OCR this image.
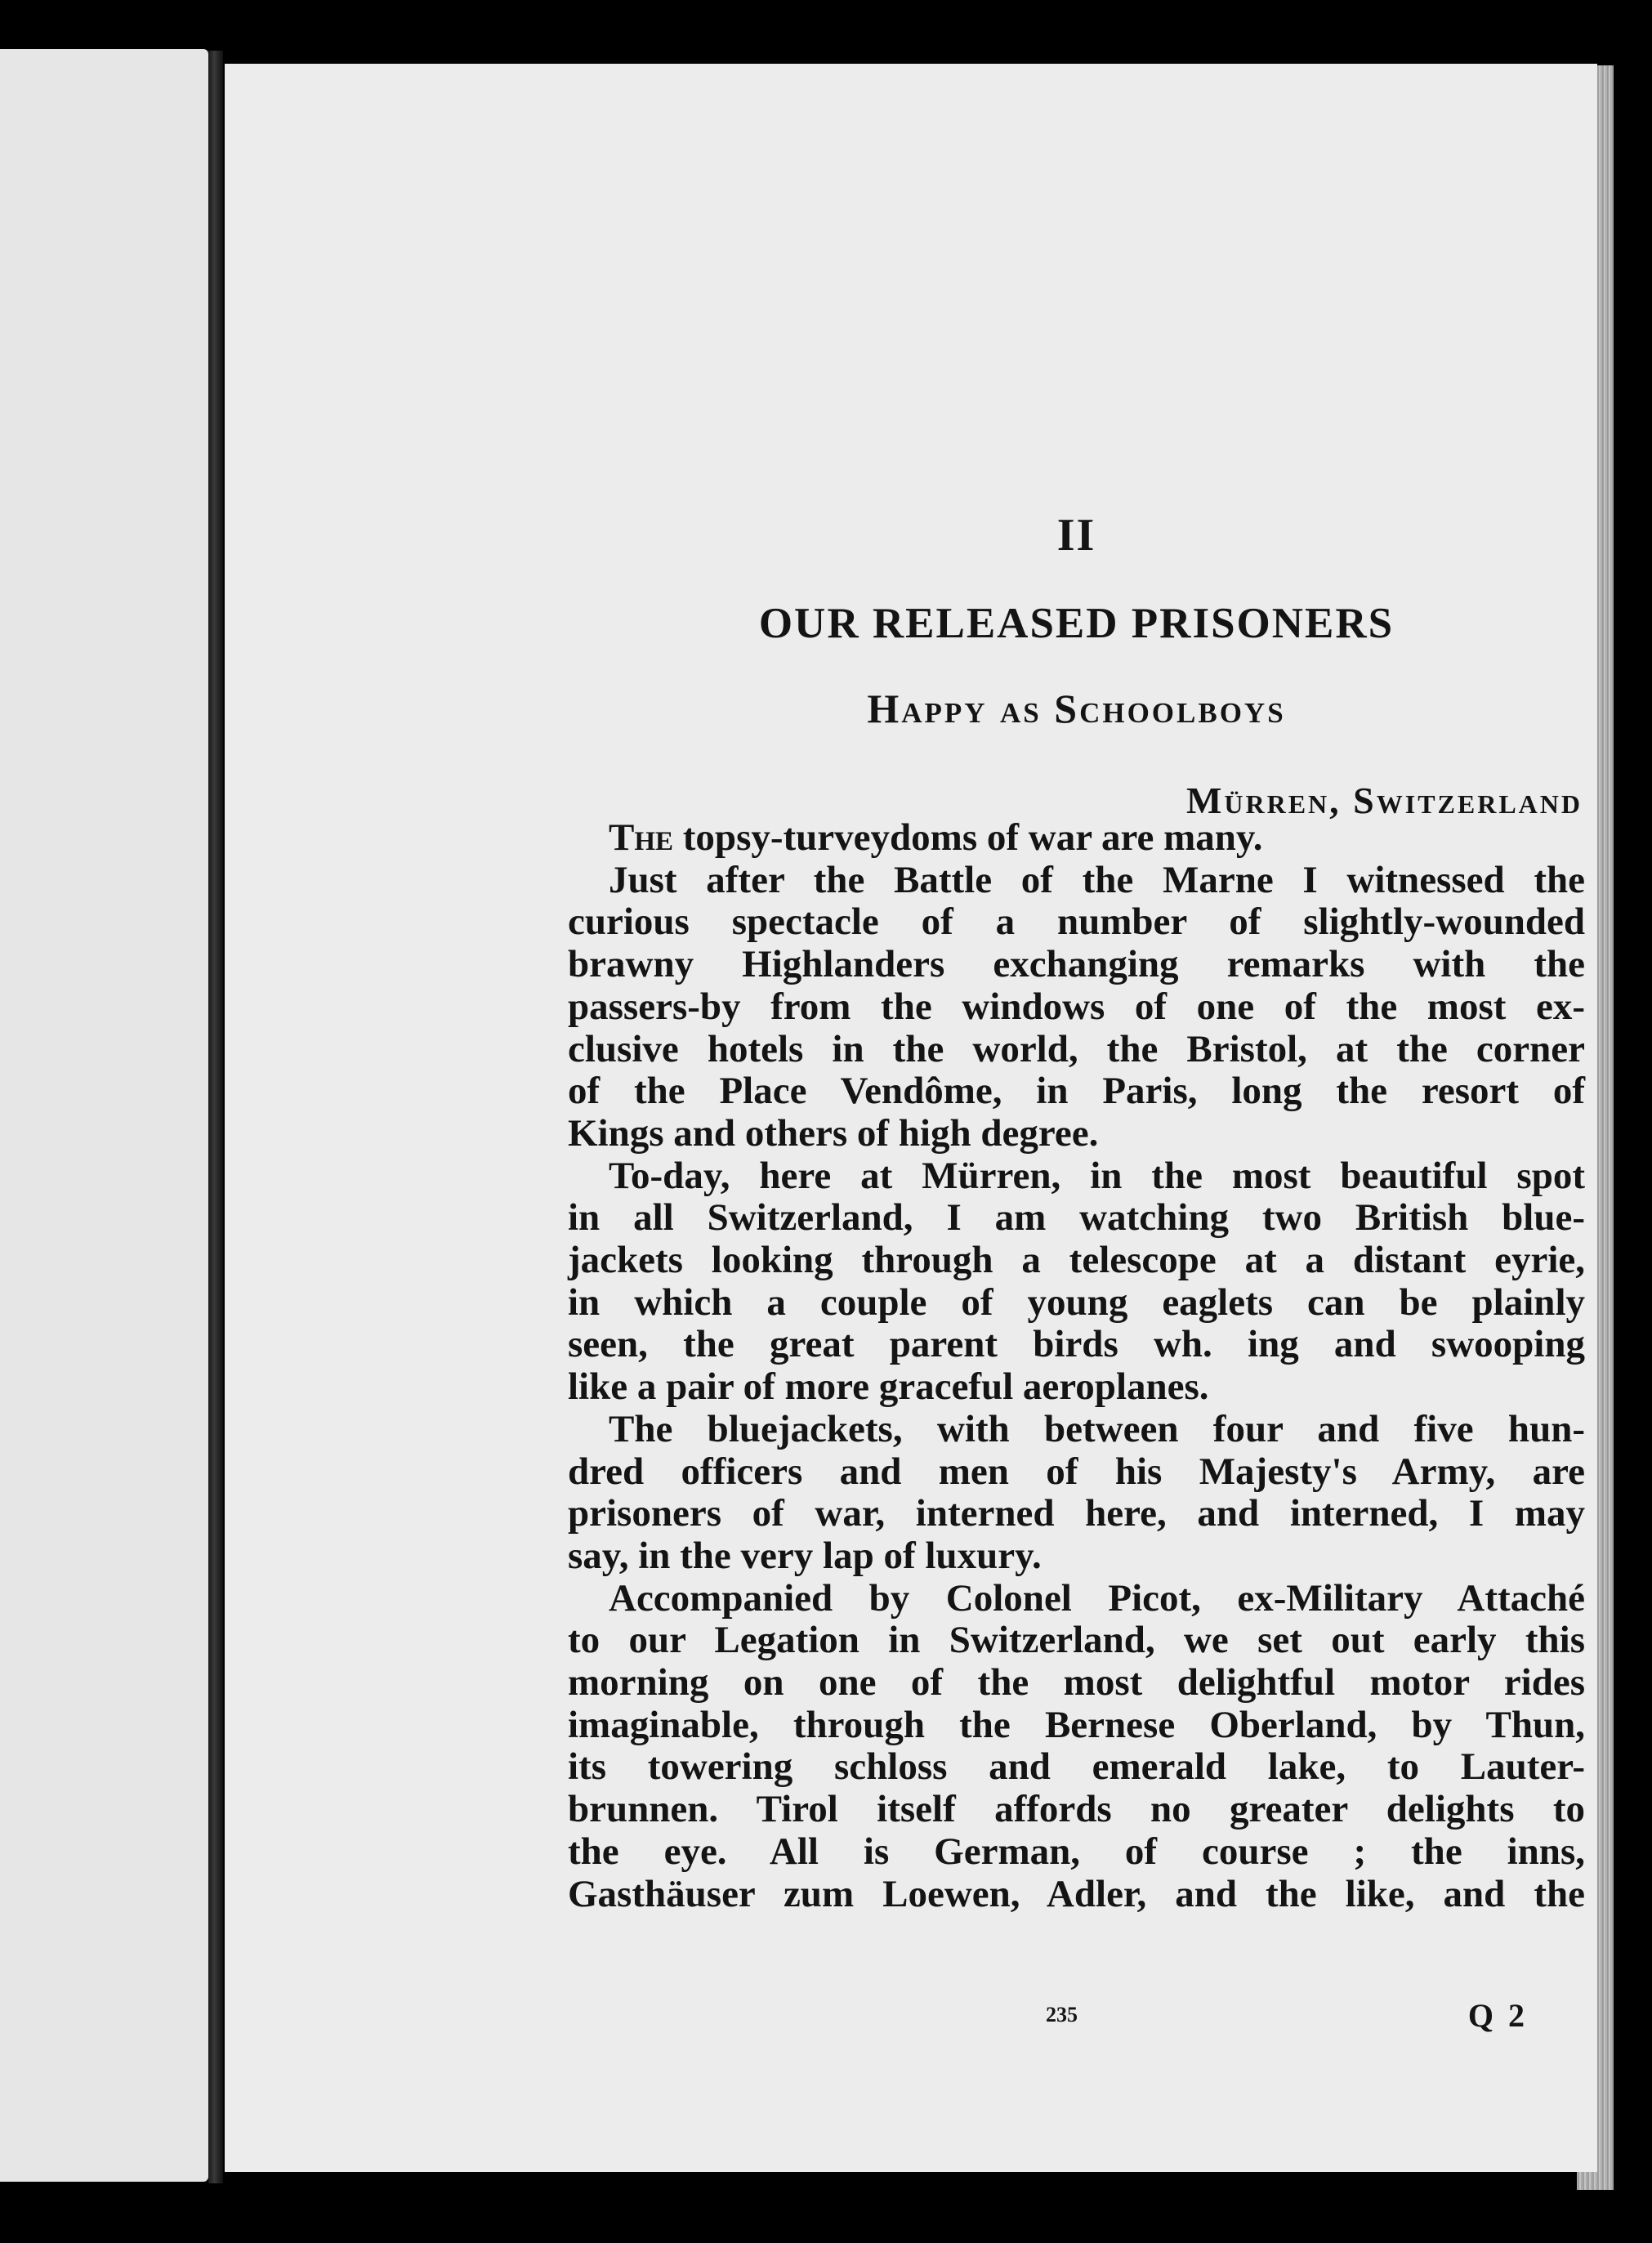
II
OUR RELEASED PRISONERS
Happy as Schoolboys
Mürren, Switzerland
The topsy-turveydoms of war are many.
Just after the Battle of the Marne I witnessed the
curious spectacle of a number of slightly-wounded
brawny Highlanders exchanging remarks with the
passers-by from the windows of one of the most ex-
clusive hotels in the world, the Bristol, at the corner
of the Place Vendôme, in Paris, long the resort of
Kings and others of high degree.
To-day, here at Mürren, in the most beautiful spot
in all Switzerland, I am watching two British blue-
jackets looking through a telescope at a distant eyrie,
in which a couple of young eaglets can be plainly
seen, the great parent birds wh. ing and swooping
like a pair of more graceful aeroplanes.
The bluejackets, with between four and five hun-
dred officers and men of his Majesty's Army, are
prisoners of war, interned here, and interned, I may
say, in the very lap of luxury.
Accompanied by Colonel Picot, ex-Military Attaché
to our Legation in Switzerland, we set out early this
morning on one of the most delightful motor rides
imaginable, through the Bernese Oberland, by Thun,
its towering schloss and emerald lake, to Lauter-
brunnen. Tirol itself affords no greater delights to
the eye. All is German, of course ; the inns,
Gasthäuser zum Loewen, Adler, and the like, and the
235	Q 2
